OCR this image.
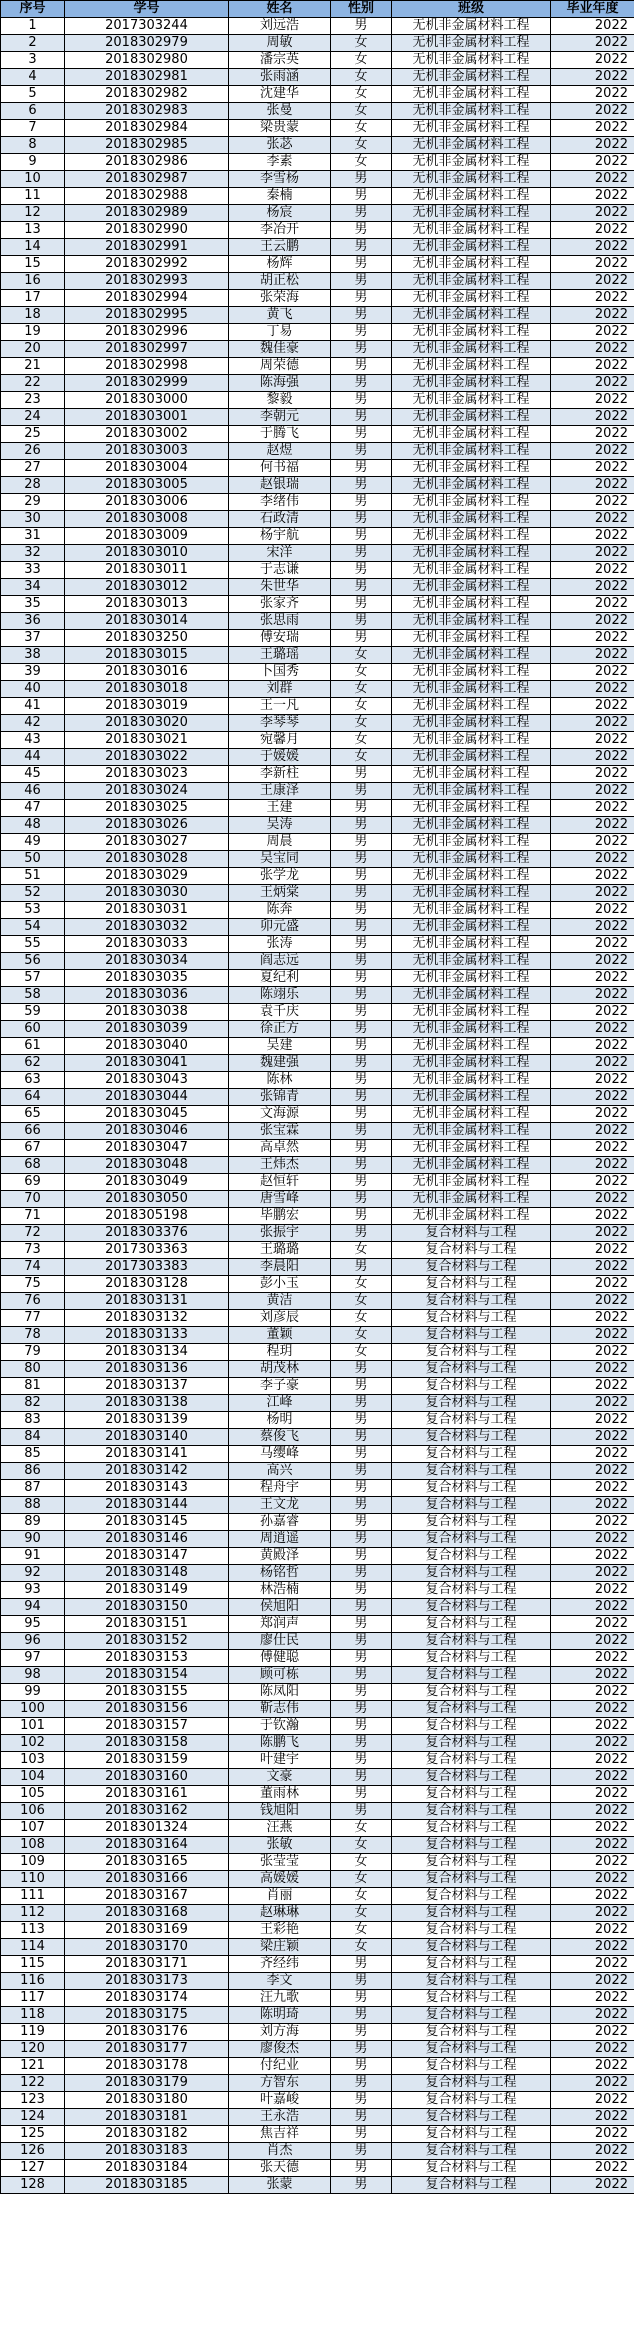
序号	学号	姓名	性别	班级	毕业年度
1	2017303244	刘远浩	男	无机非金属材料工程	2022
2	2018302979	周敏	女	无机非金属材料工程	2022
3	2018302980	潘宗英	女	无机非金属材料工程	2022
4	2018302981	张雨涵	女	无机非金属材料工程	2022
5	2018302982	沈建华	女	无机非金属材料工程	2022
6	2018302983	张曼	女	无机非金属材料工程	2022
7	2018302984	梁贵蒙	女	无机非金属材料工程	2022
8	2018302985	张苾	女	无机非金属材料工程	2022
9	2018302986	李素	女	无机非金属材料工程	2022
10	2018302987	李雪杨	男	无机非金属材料工程	2022
11	2018302988	秦楠	男	无机非金属材料工程	2022
12	2018302989	杨宸	男	无机非金属材料工程	2022
13	2018302990	李冶开	男	无机非金属材料工程	2022
14	2018302991	王云鹏	男	无机非金属材料工程	2022
15	2018302992	杨辉	男	无机非金属材料工程	2022
16	2018302993	胡正松	男	无机非金属材料工程	2022
17	2018302994	张荣海	男	无机非金属材料工程	2022
18	2018302995	黄飞	男	无机非金属材料工程	2022
19	2018302996	丁易	男	无机非金属材料工程	2022
20	2018302997	魏佳豪	男	无机非金属材料工程	2022
21	2018302998	周荣德	男	无机非金属材料工程	2022
22	2018302999	陈海强	男	无机非金属材料工程	2022
23	2018303000	黎毅	男	无机非金属材料工程	2022
24	2018303001	李朝元	男	无机非金属材料工程	2022
25	2018303002	于腾飞	男	无机非金属材料工程	2022
26	2018303003	赵煜	男	无机非金属材料工程	2022
27	2018303004	何书福	男	无机非金属材料工程	2022
28	2018303005	赵银瑞	男	无机非金属材料工程	2022
29	2018303006	李绪伟	男	无机非金属材料工程	2022
30	2018303008	石政清	男	无机非金属材料工程	2022
31	2018303009	杨宇航	男	无机非金属材料工程	2022
32	2018303010	宋洋	男	无机非金属材料工程	2022
33	2018303011	于志谦	男	无机非金属材料工程	2022
34	2018303012	朱世华	男	无机非金属材料工程	2022
35	2018303013	张家齐	男	无机非金属材料工程	2022
36	2018303014	张思雨	男	无机非金属材料工程	2022
37	2018303250	傅安瑞	男	无机非金属材料工程	2022
38	2018303015	王璐瑶	女	无机非金属材料工程	2022
39	2018303016	卜国秀	女	无机非金属材料工程	2022
40	2018303018	刘群	女	无机非金属材料工程	2022
41	2018303019	王一凡	女	无机非金属材料工程	2022
42	2018303020	李琴琴	女	无机非金属材料工程	2022
43	2018303021	宛馨月	女	无机非金属材料工程	2022
44	2018303022	于媛媛	女	无机非金属材料工程	2022
45	2018303023	李新柱	男	无机非金属材料工程	2022
46	2018303024	王康泽	男	无机非金属材料工程	2022
47	2018303025	王建	男	无机非金属材料工程	2022
48	2018303026	吴涛	男	无机非金属材料工程	2022
49	2018303027	周晨	男	无机非金属材料工程	2022
50	2018303028	吴宝同	男	无机非金属材料工程	2022
51	2018303029	张学龙	男	无机非金属材料工程	2022
52	2018303030	王炳棠	男	无机非金属材料工程	2022
53	2018303031	陈奔	男	无机非金属材料工程	2022
54	2018303032	卯元盛	男	无机非金属材料工程	2022
55	2018303033	张涛	男	无机非金属材料工程	2022
56	2018303034	阎志远	男	无机非金属材料工程	2022
57	2018303035	夏纪利	男	无机非金属材料工程	2022
58	2018303036	陈翊乐	男	无机非金属材料工程	2022
59	2018303038	袁千庆	男	无机非金属材料工程	2022
60	2018303039	徐正方	男	无机非金属材料工程	2022
61	2018303040	吴建	男	无机非金属材料工程	2022
62	2018303041	魏建强	男	无机非金属材料工程	2022
63	2018303043	陈林	男	无机非金属材料工程	2022
64	2018303044	张锦青	男	无机非金属材料工程	2022
65	2018303045	文海源	男	无机非金属材料工程	2022
66	2018303046	张宝霖	男	无机非金属材料工程	2022
67	2018303047	高卓然	男	无机非金属材料工程	2022
68	2018303048	王炜杰	男	无机非金属材料工程	2022
69	2018303049	赵恒轩	男	无机非金属材料工程	2022
70	2018303050	唐雪峰	男	无机非金属材料工程	2022
71	2018305198	毕鹏宏	男	无机非金属材料工程	2022
72	2018303376	张振宇	男	复合材料与工程	2022
73	2017303363	王璐璐	女	复合材料与工程	2022
74	2017303383	李晨阳	男	复合材料与工程	2022
75	2018303128	彭小玉	女	复合材料与工程	2022
76	2018303131	黄洁	女	复合材料与工程	2022
77	2018303132	刘彦辰	女	复合材料与工程	2022
78	2018303133	董颖	女	复合材料与工程	2022
79	2018303134	程玥	女	复合材料与工程	2022
80	2018303136	胡茂林	男	复合材料与工程	2022
81	2018303137	李子豪	男	复合材料与工程	2022
82	2018303138	江峰	男	复合材料与工程	2022
83	2018303139	杨明	男	复合材料与工程	2022
84	2018303140	蔡俊飞	男	复合材料与工程	2022
85	2018303141	马缨峰	男	复合材料与工程	2022
86	2018303142	高兴	男	复合材料与工程	2022
87	2018303143	程舟宇	男	复合材料与工程	2022
88	2018303144	王文龙	男	复合材料与工程	2022
89	2018303145	孙嘉睿	男	复合材料与工程	2022
90	2018303146	周逍遥	男	复合材料与工程	2022
91	2018303147	黄殿泽	男	复合材料与工程	2022
92	2018303148	杨铭哲	男	复合材料与工程	2022
93	2018303149	林浩楠	男	复合材料与工程	2022
94	2018303150	侯旭阳	男	复合材料与工程	2022
95	2018303151	郑润声	男	复合材料与工程	2022
96	2018303152	廖仕民	男	复合材料与工程	2022
97	2018303153	傅健聪	男	复合材料与工程	2022
98	2018303154	顾可栋	男	复合材料与工程	2022
99	2018303155	陈凤阳	男	复合材料与工程	2022
100	2018303156	靳志伟	男	复合材料与工程	2022
101	2018303157	于钦瀚	男	复合材料与工程	2022
102	2018303158	陈鹏飞	男	复合材料与工程	2022
103	2018303159	叶建宇	男	复合材料与工程	2022
104	2018303160	文豪	男	复合材料与工程	2022
105	2018303161	董雨林	男	复合材料与工程	2022
106	2018303162	钱旭阳	男	复合材料与工程	2022
107	2018301324	汪燕	女	复合材料与工程	2022
108	2018303164	张敏	女	复合材料与工程	2022
109	2018303165	张莹莹	女	复合材料与工程	2022
110	2018303166	高媛媛	女	复合材料与工程	2022
111	2018303167	肖丽	女	复合材料与工程	2022
112	2018303168	赵琳琳	女	复合材料与工程	2022
113	2018303169	王彩艳	女	复合材料与工程	2022
114	2018303170	梁庄颖	女	复合材料与工程	2022
115	2018303171	齐经纬	男	复合材料与工程	2022
116	2018303173	李文	男	复合材料与工程	2022
117	2018303174	汪九歌	男	复合材料与工程	2022
118	2018303175	陈明琦	男	复合材料与工程	2022
119	2018303176	刘方海	男	复合材料与工程	2022
120	2018303177	廖俊杰	男	复合材料与工程	2022
121	2018303178	付纪业	男	复合材料与工程	2022
122	2018303179	方智东	男	复合材料与工程	2022
123	2018303180	叶嘉峻	男	复合材料与工程	2022
124	2018303181	王永浩	男	复合材料与工程	2022
125	2018303182	焦吉祥	男	复合材料与工程	2022
126	2018303183	肖杰	男	复合材料与工程	2022
127	2018303184	张天德	男	复合材料与工程	2022
128	2018303185	张蒙	男	复合材料与工程	2022
